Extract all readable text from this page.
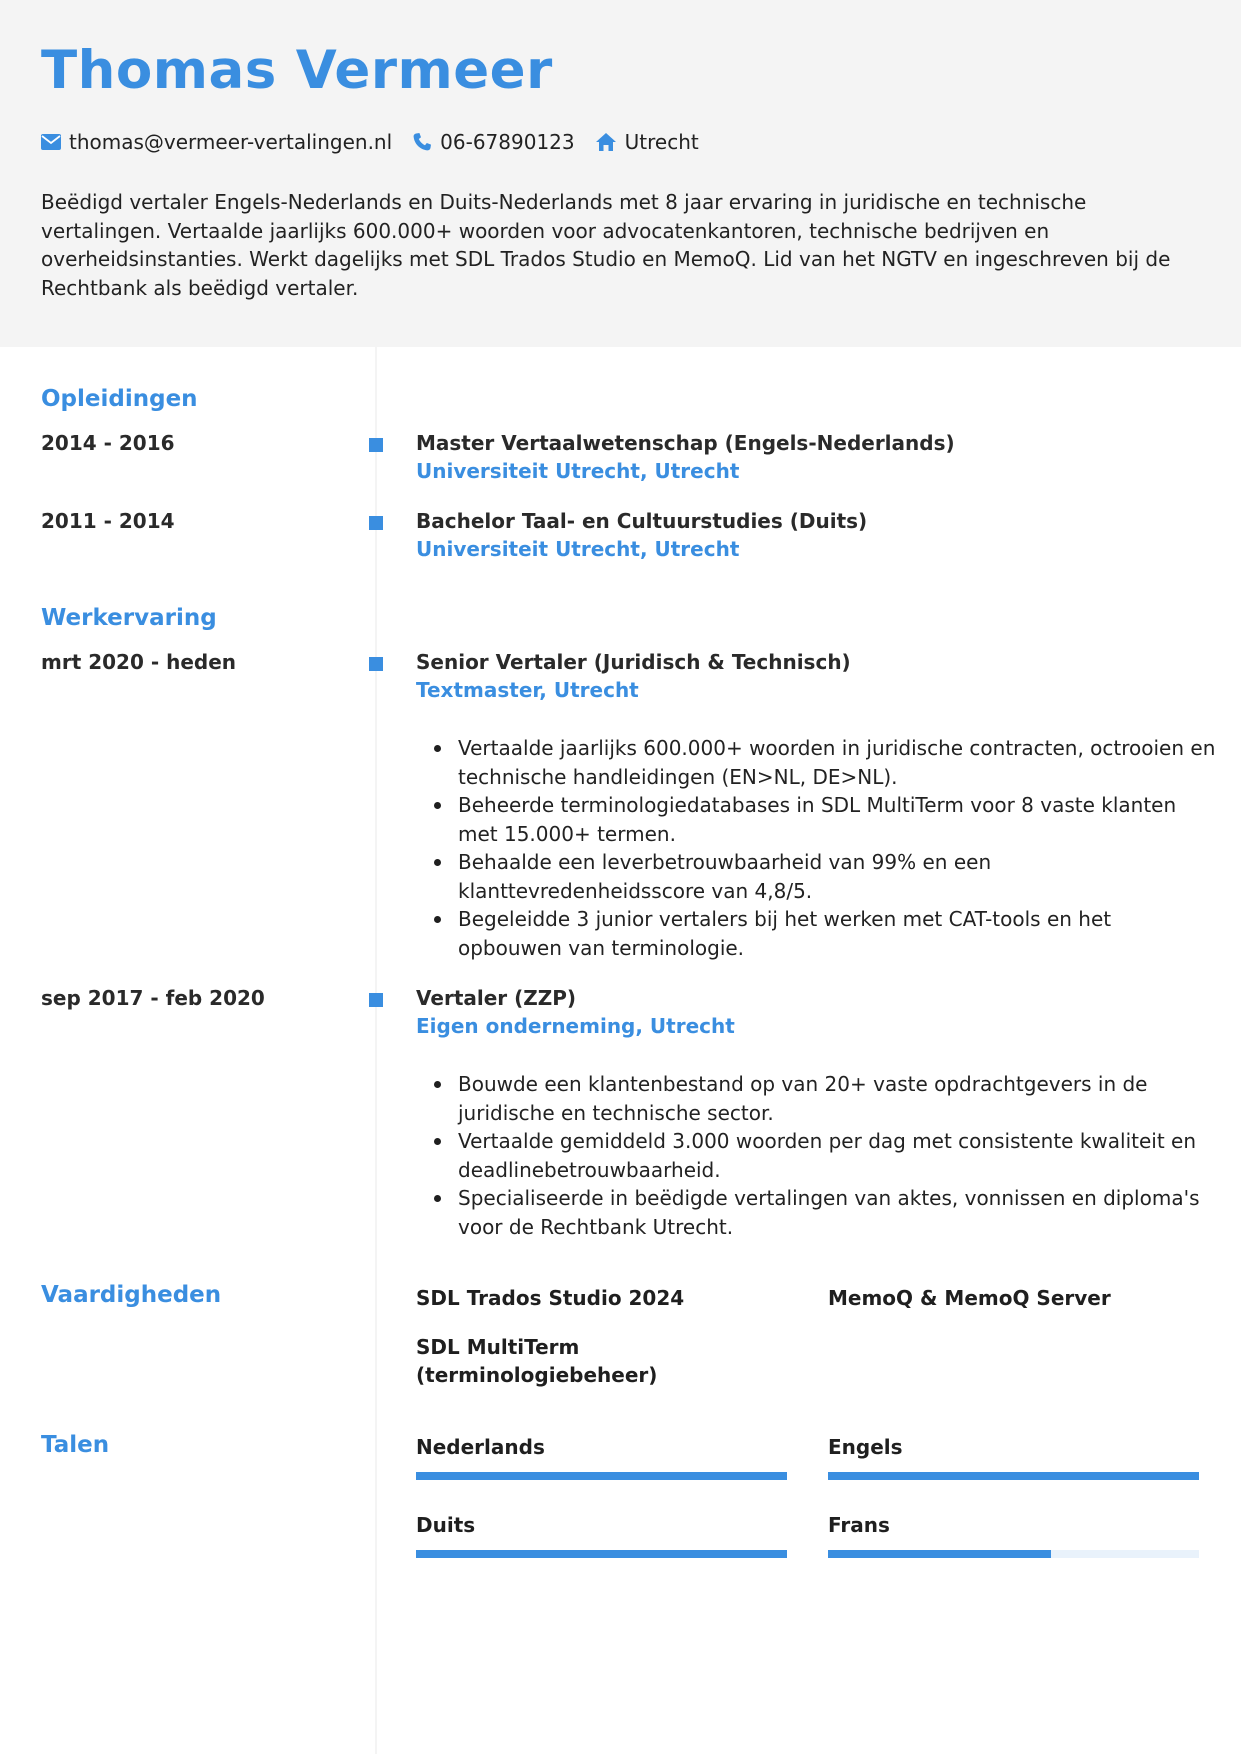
Thomas Vermeer
thomas@vermeer-vertalingen.nl 06-67890123	Utrecht
Beëdigd vertaler Engels-Nederlands en Duits-Nederlands met 8 jaar ervaring in juridische en technische vertalingen. Vertaalde jaarlijks 600.000+ woorden voor advocatenkantoren, technische bedrijven en overheidsinstanties. Werkt dagelijks met SDL Trados Studio en MemoQ. Lid van het NGTV en ingeschreven bij de Rechtbank als beëdigd vertaler.
Opleidingen
2014 - 2016	Master Vertaalwetenschap (Engels-Nederlands)
Universiteit Utrecht, Utrecht
2011 - 2014	Bachelor Taal- en Cultuurstudies (Duits)
Universiteit Utrecht, Utrecht
Werkervaring
mrt 2020 - heden	Senior Vertaler (Juridisch & Technisch)
Textmaster, Utrecht
Vertaalde jaarlijks 600.000+ woorden in juridische contracten, octrooien en technische handleidingen (EN>NL, DE>NL).
Beheerde terminologiedatabases in SDL MultiTerm voor 8 vaste klanten met 15.000+ termen.
Behaalde een leverbetrouwbaarheid van 99% en een klanttevredenheidsscore van 4,8/5.
Begeleidde 3 junior vertalers bij het werken met CAT-tools en het opbouwen van terminologie.
sep 2017 - feb 2020	Vertaler (ZZP)
Eigen onderneming, Utrecht
Bouwde een klantenbestand op van 20+ vaste opdrachtgevers in de juridische en technische sector.
Vertaalde gemiddeld 3.000 woorden per dag met consistente kwaliteit en deadlinebetrouwbaarheid.
Specialiseerde in beëdigde vertalingen van aktes, vonnissen en diploma's voor de Rechtbank Utrecht.
Vaardigheden	SDL Trados Studio 2024	MemoQ & MemoQ Server
SDL MultiTerm (terminologiebeheer)
Talen	Nederlands	Engels
Duits	Frans
